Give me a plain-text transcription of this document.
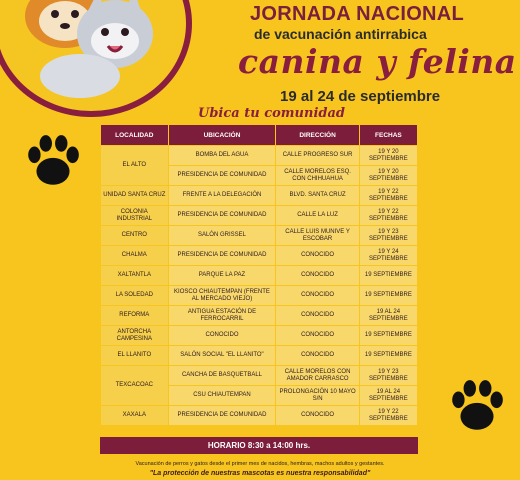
JORNADA NACIONAL
de vacunación antirrabica
canina y felina
19 al 24 de septiembre
Ubica tu comunidad
LOCALIDAD	UBICACIÓN	DIRECCIÓN	FECHAS
EL ALTO	BOMBA DEL AGUA	CALLE PROGRESO SUR	19 Y 20 SEPTIEMBRE
	PRESIDENCIA DE COMUNIDAD	CALLE MORELOS ESQ. CON CHIHUAHUA	19 Y 20 SEPTIEMBRE
UNIDAD SANTA CRUZ	FRENTE A LA DELEGACIÓN	BLVD. SANTA CRUZ	19 Y 22 SEPTIEMBRE
COLONIA INDUSTRIAL	PRESIDENCIA DE COMUNIDAD	CALLE LA LUZ	19 Y 22 SEPTIEMBRE
CENTRO	SALÓN GRISSEL	CALLE LUIS MUNIVE Y ESCOBAR	19 Y 23 SEPTIEMBRE
CHALMA	PRESIDENCIA DE COMUNIDAD	CONOCIDO	19 Y 24 SEPTIEMBRE
XALTANTLA	PARQUE LA PAZ	CONOCIDO	19 SEPTIEMBRE
LA SOLEDAD	KIOSCO CHIAUTEMPAN (FRENTE AL MERCADO VIEJO)	CONOCIDO	19 SEPTIEMBRE
REFORMA	ANTIGUA ESTACIÓN DE FERROCARRIL	CONOCIDO	19 AL 24 SEPTIEMBRE
ANTORCHA CAMPESINA	CONOCIDO	CONOCIDO	19 SEPTIEMBRE
EL LLANITO	SALÓN SOCIAL "EL LLANITO"	CONOCIDO	19 SEPTIEMBRE
TEXCACOAC	CANCHA DE BASQUETBALL	CALLE MORELOS CON AMADOR CARRASCO	19 Y 23 SEPTIEMBRE
	CSU CHIAUTEMPAN	PROLONGACIÓN 10 MAYO S/N	19 AL 24 SEPTIEMBRE
XAXALA	PRESIDENCIA DE COMUNIDAD	CONOCIDO	19 Y 22 SEPTIEMBRE
HORARIO 8:30 a 14:00 hrs.
Vacunación de perros y gatos desde el primer mes de nacidos, hembras, machos adultos y gestantes.
"La protección de nuestras mascotas es nuestra responsabilidad"
